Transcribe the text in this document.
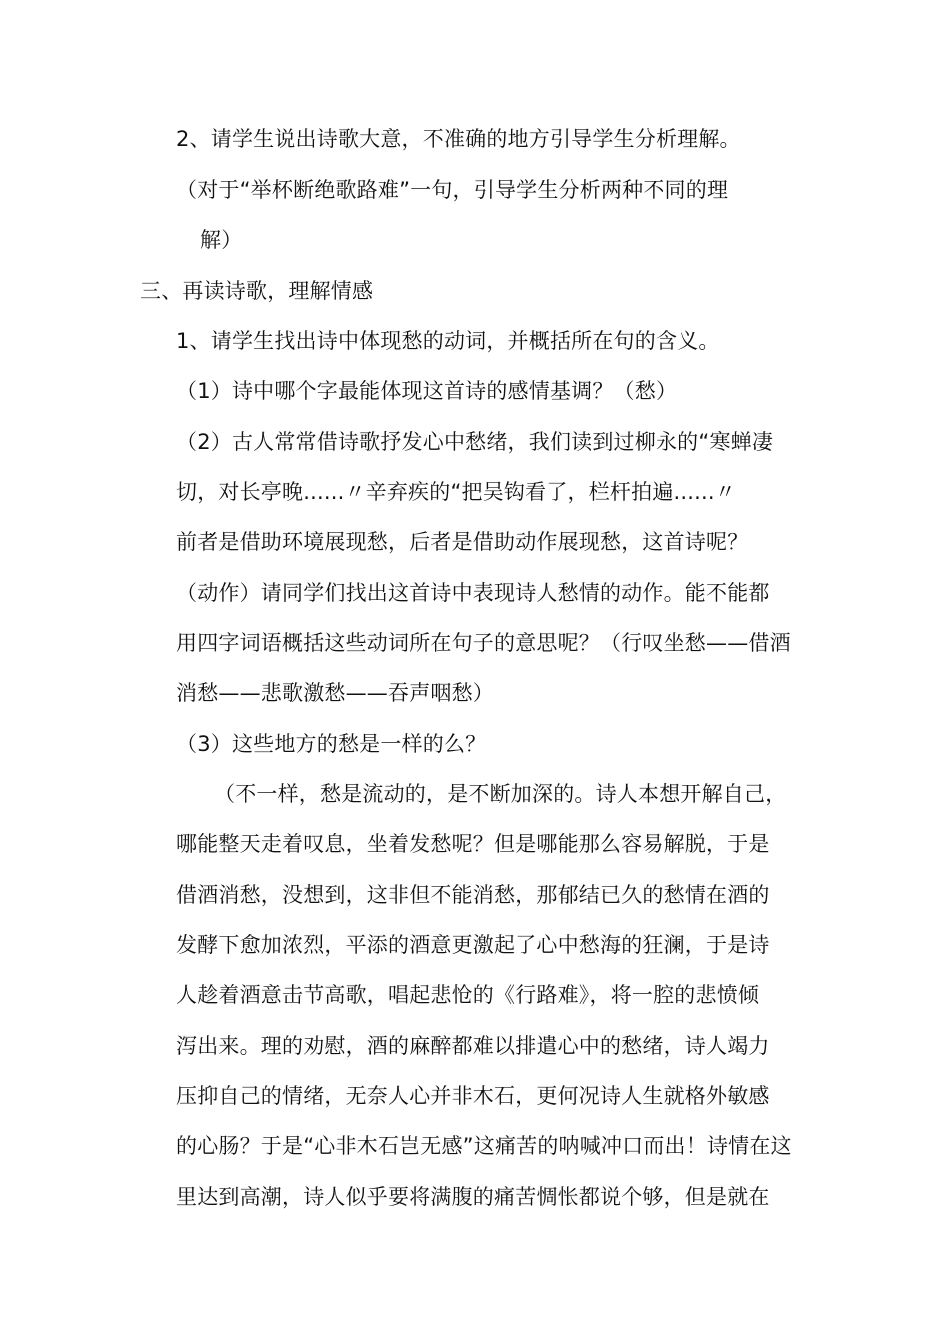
2、请学生说出诗歌大意，不准确的地方引导学生分析理解。
（对于“举杯断绝歌路难”一句，引导学生分析两种不同的理
解）
三、再读诗歌，理解情感
1、请学生找出诗中体现愁的动词，并概括所在句的含义。
（1）诗中哪个字最能体现这首诗的感情基调？（愁）
（2）古人常常借诗歌抒发心中愁绪，我们读到过柳永的“寒蝉凄
切，对长亭晚......〃辛弃疾的“把吴钩看了，栏杆拍遍......〃
前者是借助环境展现愁，后者是借助动作展现愁，这首诗呢？
（动作）请同学们找出这首诗中表现诗人愁情的动作。能不能都
用四字词语概括这些动词所在句子的意思呢？（行叹坐愁——借酒
消愁——悲歌激愁——吞声咽愁）
（3）这些地方的愁是一样的么？
（不一样，愁是流动的，是不断加深的。诗人本想开解自己，
哪能整天走着叹息，坐着发愁呢？但是哪能那么容易解脱，于是
借酒消愁，没想到，这非但不能消愁，那郁结已久的愁情在酒的
发酵下愈加浓烈，平添的酒意更激起了心中愁海的狂澜，于是诗
人趁着酒意击节高歌，唱起悲怆的《行路难》，将一腔的悲愤倾
泻出来。理的劝慰，酒的麻醉都难以排遣心中的愁绪，诗人竭力
压抑自己的情绪，无奈人心并非木石，更何况诗人生就格外敏感
的心肠？于是“心非木石岂无感”这痛苦的呐喊冲口而出！诗情在这
里达到高潮，诗人似乎要将满腹的痛苦惆怅都说个够，但是就在
